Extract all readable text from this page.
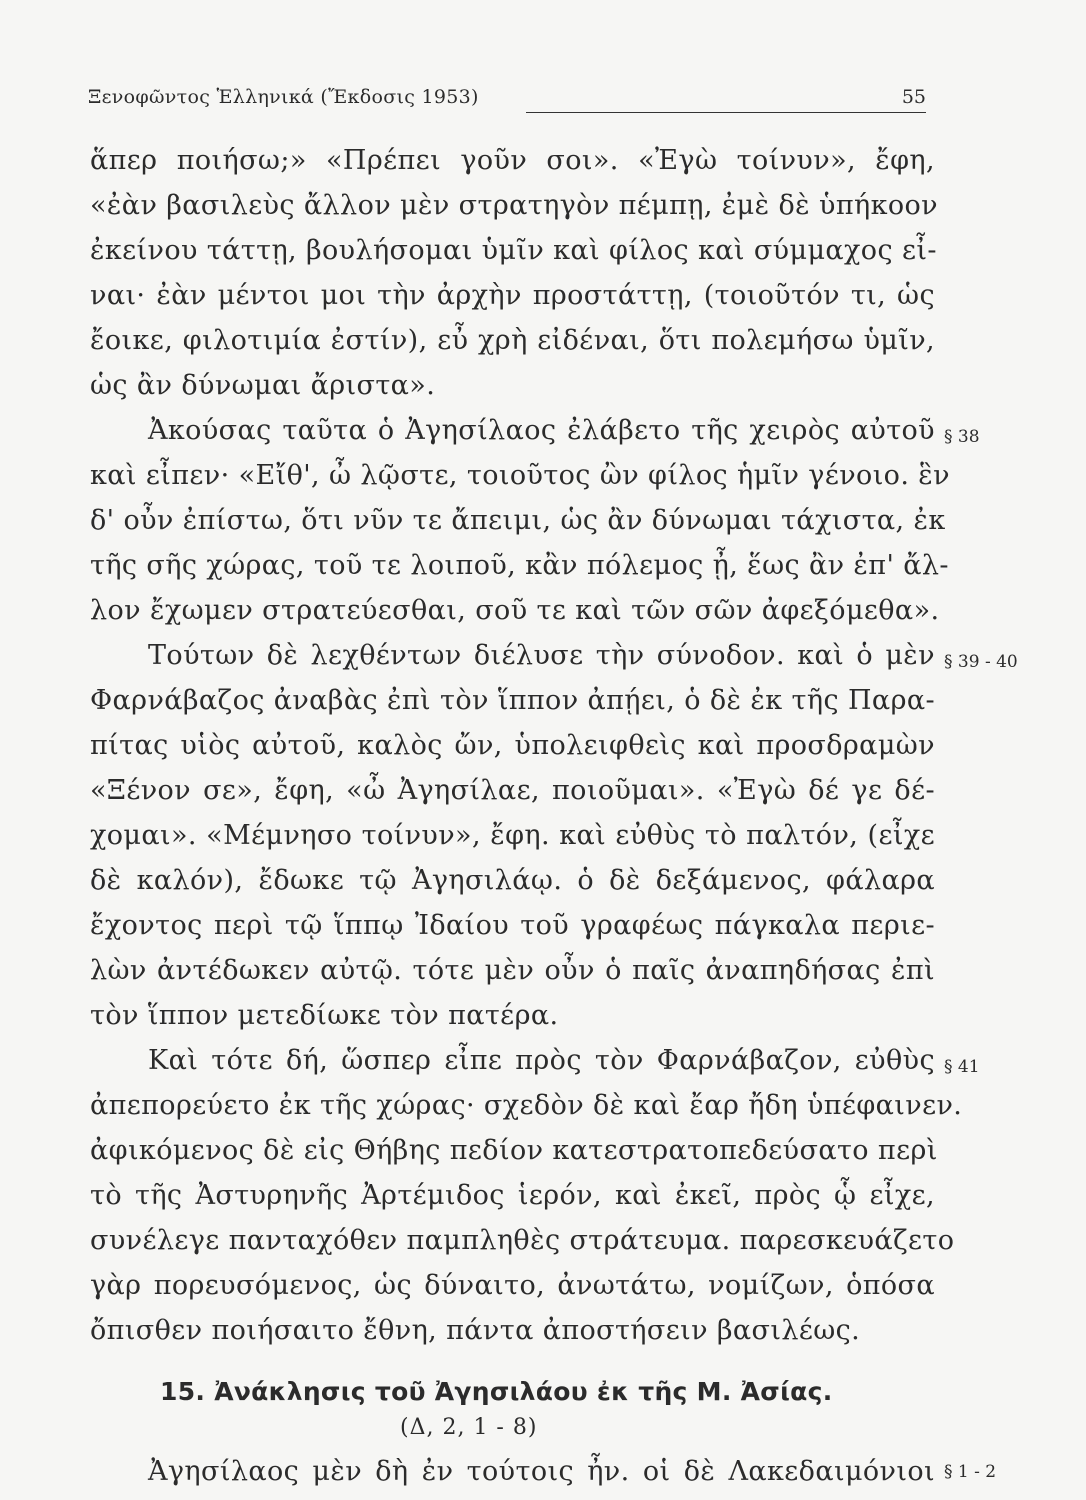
Ξενοφῶντος Ἑλληνικά (Ἔκδοσις 1953)	55
ἅπερ ποιήσω;» «Πρέπει γοῦν σοι». «Ἐγὼ τοίνυν», ἔφη,
«ἐὰν βασιλεὺς ἄλλον μὲν στρατηγὸν πέμπῃ, ἐμὲ δὲ ὑπήκοον
ἐκείνου τάττῃ, βουλήσομαι ὑμῖν καὶ φίλος καὶ σύμμαχος εἶ-
ναι· ἐὰν μέντοι μοι τὴν ἀρχὴν προστάττῃ, (τοιοῦτόν τι, ὡς
ἔοικε, φιλοτιμία ἐστίν), εὖ χρὴ εἰδέναι, ὅτι πολεμήσω ὑμῖν,
ὡς ἂν δύνωμαι ἄριστα».
Ἀκούσας ταῦτα ὁ Ἀγησίλαος ἐλάβετο τῆς χειρὸς αὐτοῦ
καὶ εἶπεν· «Εἴθ', ὦ λῷστε, τοιοῦτος ὢν φίλος ἡμῖν γένοιο. ἓν
δ' οὖν ἐπίστω, ὅτι νῦν τε ἄπειμι, ὡς ἂν δύνωμαι τάχιστα, ἐκ
τῆς σῆς χώρας, τοῦ τε λοιποῦ, κἂν πόλεμος ᾖ, ἕως ἂν ἐπ' ἄλ-
λον ἔχωμεν στρατεύεσθαι, σοῦ τε καὶ τῶν σῶν ἀφεξόμεθα».
Τούτων δὲ λεχθέντων διέλυσε τὴν σύνοδον. καὶ ὁ μὲν
Φαρνάβαζος ἀναβὰς ἐπὶ τὸν ἵππον ἀπῄει, ὁ δὲ ἐκ τῆς Παρα-
πίτας υἱὸς αὐτοῦ, καλὸς ὤν, ὑπολειφθεὶς καὶ προσδραμὼν
«Ξένον σε», ἔφη, «ὦ Ἀγησίλαε, ποιοῦμαι». «Ἐγὼ δέ γε δέ-
χομαι». «Μέμνησο τοίνυν», ἔφη. καὶ εὐθὺς τὸ παλτόν, (εἶχε
δὲ καλόν), ἔδωκε τῷ Ἀγησιλάῳ. ὁ δὲ δεξάμενος, φάλαρα
ἔχοντος περὶ τῷ ἵππῳ Ἰδαίου τοῦ γραφέως πάγκαλα περιε-
λὼν ἀντέδωκεν αὐτῷ. τότε μὲν οὖν ὁ παῖς ἀναπηδήσας ἐπὶ
τὸν ἵππον μετεδίωκε τὸν πατέρα.
Καὶ τότε δή, ὥσπερ εἶπε πρὸς τὸν Φαρνάβαζον, εὐθὺς
ἀπεπορεύετο ἐκ τῆς χώρας· σχεδὸν δὲ καὶ ἔαρ ἤδη ὑπέφαινεν.
ἀφικόμενος δὲ εἰς Θήβης πεδίον κατεστρατοπεδεύσατο περὶ
τὸ τῆς Ἀστυρηνῆς Ἀρτέμιδος ἱερόν, καὶ ἐκεῖ, πρὸς ᾧ εἶχε,
συνέλεγε πανταχόθεν παμπληθὲς στράτευμα. παρεσκευάζετο
γὰρ πορευσόμενος, ὡς δύναιτο, ἀνωτάτω, νομίζων, ὁπόσα
ὄπισθεν ποιήσαιτο ἔθνη, πάντα ἀποστήσειν βασιλέως.
§ 38
§ 39 - 40
§ 41
§ 1 - 2
15. Ἀνάκλησις τοῦ Ἀγησιλάου ἐκ τῆς Μ. Ἀσίας.
(Δ, 2, 1 - 8)
Ἀγησίλαος μὲν δὴ ἐν τούτοις ἦν. οἱ δὲ Λακεδαιμόνιοι
